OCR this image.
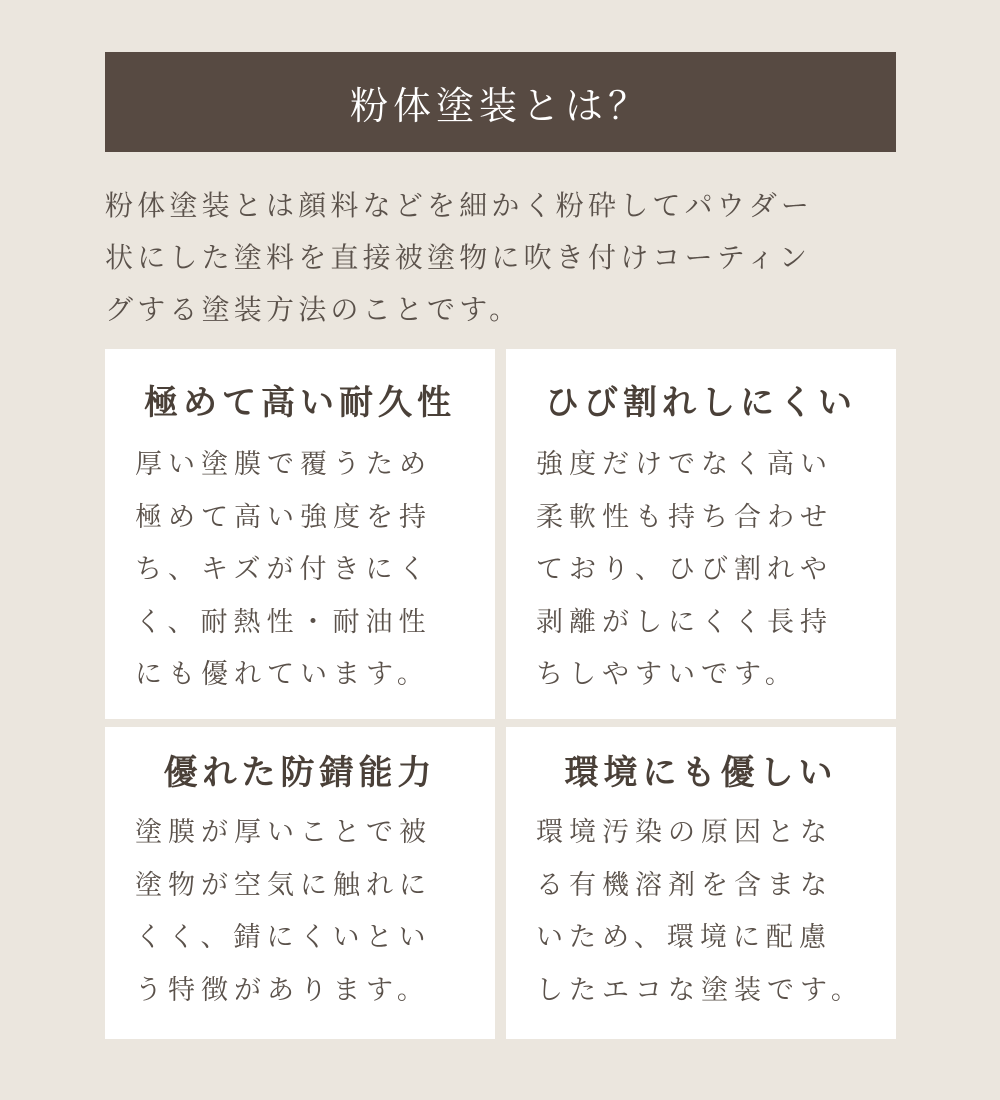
粉体塗装とは？

粉体塗装とは顔料などを細かく粉砕してパウダー
状にした塗料を直接被塗物に吹き付けコーティン
グする塗装方法のことです。

極めて高い耐久性
厚い塗膜で覆うため
極めて高い強度を持
ち、キズが付きにく
く、耐熱性・耐油性
にも優れています。
ひび割れしにくい
強度だけでなく高い
柔軟性も持ち合わせ
ており、ひび割れや
剥離がしにくく長持
ちしやすいです。
優れた防錆能力
塗膜が厚いことで被
塗物が空気に触れに
くく、錆にくいとい
う特徴があります。
環境にも優しい
環境汚染の原因とな
る有機溶剤を含まな
いため、環境に配慮
したエコな塗装です。
